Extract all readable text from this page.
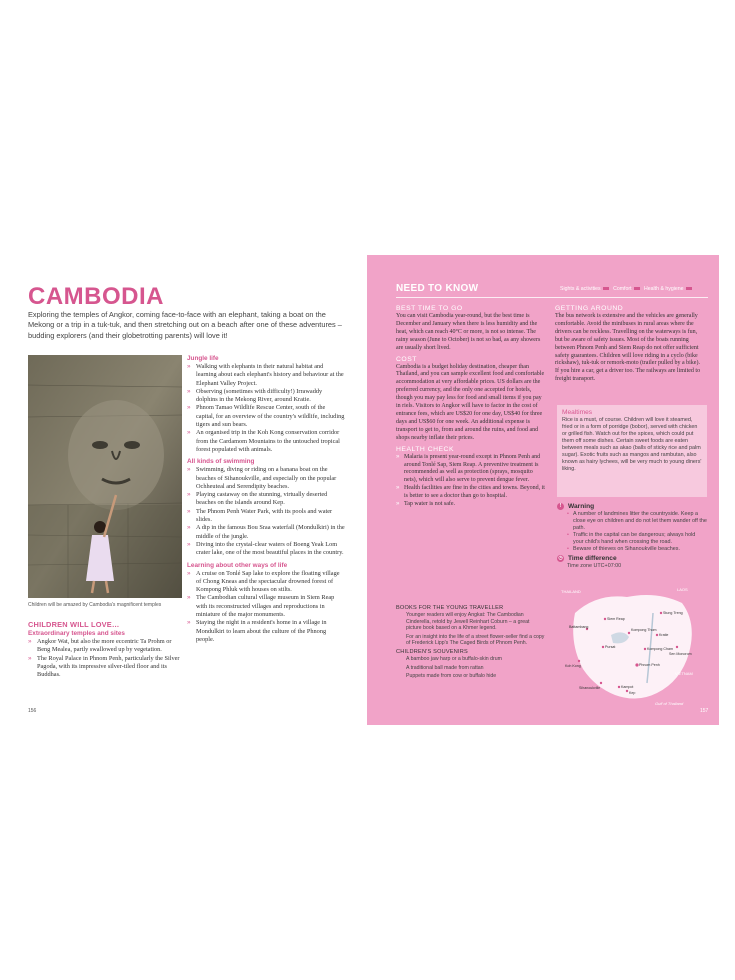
CAMBODIA

Exploring the temples of Angkor, coming face-to-face with an elephant, taking a boat on the Mekong or a trip in a tuk-tuk, and then stretching out on a beach after one of these adventures – budding explorers (and their globetrotting parents) will love it!

Children will be amazed by Cambodia's magnificent temples
CHILDREN WILL LOVE…
Extraordinary temples and sites
» Angkor Wat, but also the more eccentric Ta Prohm or Beng Mealea, partly swallowed up by vegetation.
» The Royal Palace in Phnom Penh, particularly the Silver Pagoda, with its impressive silver-tiled floor and its Buddhas.
Jungle life
» Walking with elephants in their natural habitat and learning about each elephant's history and behaviour at the Elephant Valley Project.
» Observing (sometimes with difficulty!) Irrawaddy dolphins in the Mekong River, around Kratie.
» Phnom Tamao Wildlife Rescue Center, south of the capital, for an overview of the country's wildlife, including tigers and sun bears.
» An organised trip in the Koh Kong conservation corridor from the Cardamom Mountains to the untouched tropical forest populated with animals.
All kinds of swimming
» Swimming, diving or riding on a banana boat on the beaches of Sihanoukville, and especially on the popular Ochheuteal and Serendipity beaches.
» Playing castaway on the stunning, virtually deserted beaches on the islands around Kep.
» The Phnom Penh Water Park, with its pools and water slides.
» A dip in the famous Bou Sraa waterfall (Mondulkiri) in the middle of the jungle.
» Diving into the crystal-clear waters of Boeng Yeak Lom crater lake, one of the most beautiful places in the country.
Learning about other ways of life
» A cruise on Tonlé Sap lake to explore the floating village of Chong Kneas and the spectacular drowned forest of Kompong Phluk with houses on stilts.
» The Cambodian cultural village museum in Siem Reap with its reconstructed villages and reproductions in miniature of the major monuments.
» Staying the night in a resident's home in a village in Mondulkiri to learn about the culture of the Phnong people.
156
NEED TO KNOW	Sights & activities Comfort Health & hygiene
BEST TIME TO GO

You can visit Cambodia year-round, but the best time is December and January when there is less humidity and the heat, which can reach 40°C or more, is not so intense. The rainy season (June to October) is not so bad, as any showers are usually short lived.

COST

Cambodia is a budget holiday destination, cheaper than Thailand, and you can sample excellent food and comfortable accommodation at very affordable prices. US dollars are the preferred currency, and the only one accepted for hotels, though you may pay less for food and small items if you pay in riels. Visitors to Angkor will have to factor in the cost of entrance fees, which are US$20 for one day, US$40 for three days and US$60 for one week. An additional expense is transport to get to, from and around the ruins, and food and shops nearby inflate their prices.

HEALTH CHECK
» Malaria is present year-round except in Phnom Penh and around Tonlé Sap, Siem Reap. A preventive treatment is recommended as well as protection (sprays, mosquito nets), which will also serve to prevent dengue fever.
» Health facilities are fine in the cities and towns. Beyond, it is better to see a doctor than go to hospital.
» Tap water is not safe.
GETTING AROUND

The bus network is extensive and the vehicles are generally comfortable. Avoid the minibuses in rural areas where the drivers can be reckless. Travelling on the waterways is fun, but be aware of safety issues. Most of the boats running between Phnom Penh and Siem Reap do not offer sufficient safety guarantees. Children will love riding in a cyclo (bike rickshaw), tuk-tuk or remork-moto (trailer pulled by a bike). If you hire a car, get a driver too. The railways are limited to freight transport.

Mealtimes

Rice is a must, of course. Children will love it steamed, fried or in a form of porridge (bobor), served with chicken or grilled fish. Watch out for the spices, which could put them off some dishes. Certain sweet foods are eaten between meals such as akao (balls of sticky rice and palm sugar). Exotic fruits such as mangos and rambutan, also known as hairy lychees, will be very much to young diners' liking.

!	Warning
• A number of landmines litter the countryside. Keep a close eye on children and do not let them wander off the path.
• Traffic in the capital can be dangerous; always hold your child's hand when crossing the road.
• Beware of thieves on Sihanoukville beaches.
◷ Time difference
Time zone UTC+07:00
BOOKS FOR THE YOUNG TRAVELLER
Younger readers will enjoy Angkat: The Cambodian Cinderella, retold by Jewell Reinhart Coburn – a great picture book based on a Khmer legend.
For an insight into the life of a street flower-seller find a copy of Frederick Lipp's The Caged Birds of Phnom Penh.
CHILDREN'S SOUVENIRS
A bamboo jaw harp or a buffalo-skin drum
A traditional ball made from rattan
Puppets made from cow or buffalo hide
THAILAND	LAOS
VIETNAM
Gulf of Thailand
Siem Reap
Battambang
Kratie
Stung Treng
Kompong Cham
Phnom Penh
Kampot
Kep
Sihanoukville
Koh Kong
Pursat
Kompong Thom
Sen Monorom
157
